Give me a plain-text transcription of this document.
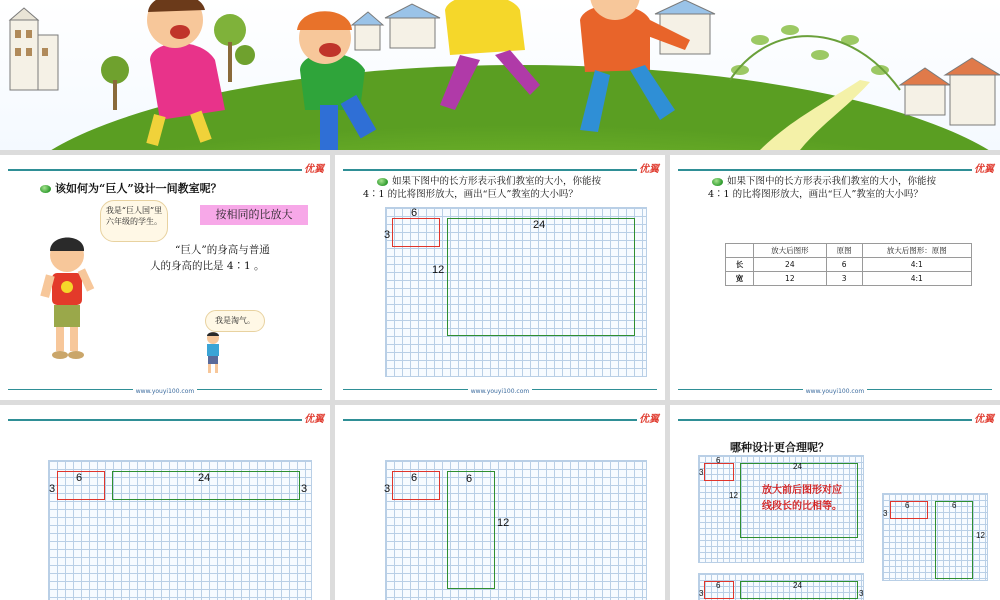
优翼
该如何为“巨人”设计一间教室呢？
我是“巨人国”里六年级的学生。
按相同的比放大
“巨人”的身高与普通
人的身高的比是 4∶1 。
我是淘气。
www.youyi100.com
优翼
如果下图中的长方形表示我们教室的大小，你能按
4∶1 的比将图形放大，画出“巨人”教室的大小吗？
6
3
24
12
www.youyi100.com
优翼
如果下图中的长方形表示我们教室的大小，你能按
4∶1 的比将图形放大，画出“巨人”教室的大小吗？
	放大后图形	原图	放大后图形：原图
长	24	6	4:1
宽	12	3	4:1
www.youyi100.com
优翼
6
3
24
3
优翼
6
3
6
12
优翼
哪种设计更合理呢？
6
3
24
12	放大前后图形对应
线段长的比相等。	6
3
6
12
6
3
24
3
